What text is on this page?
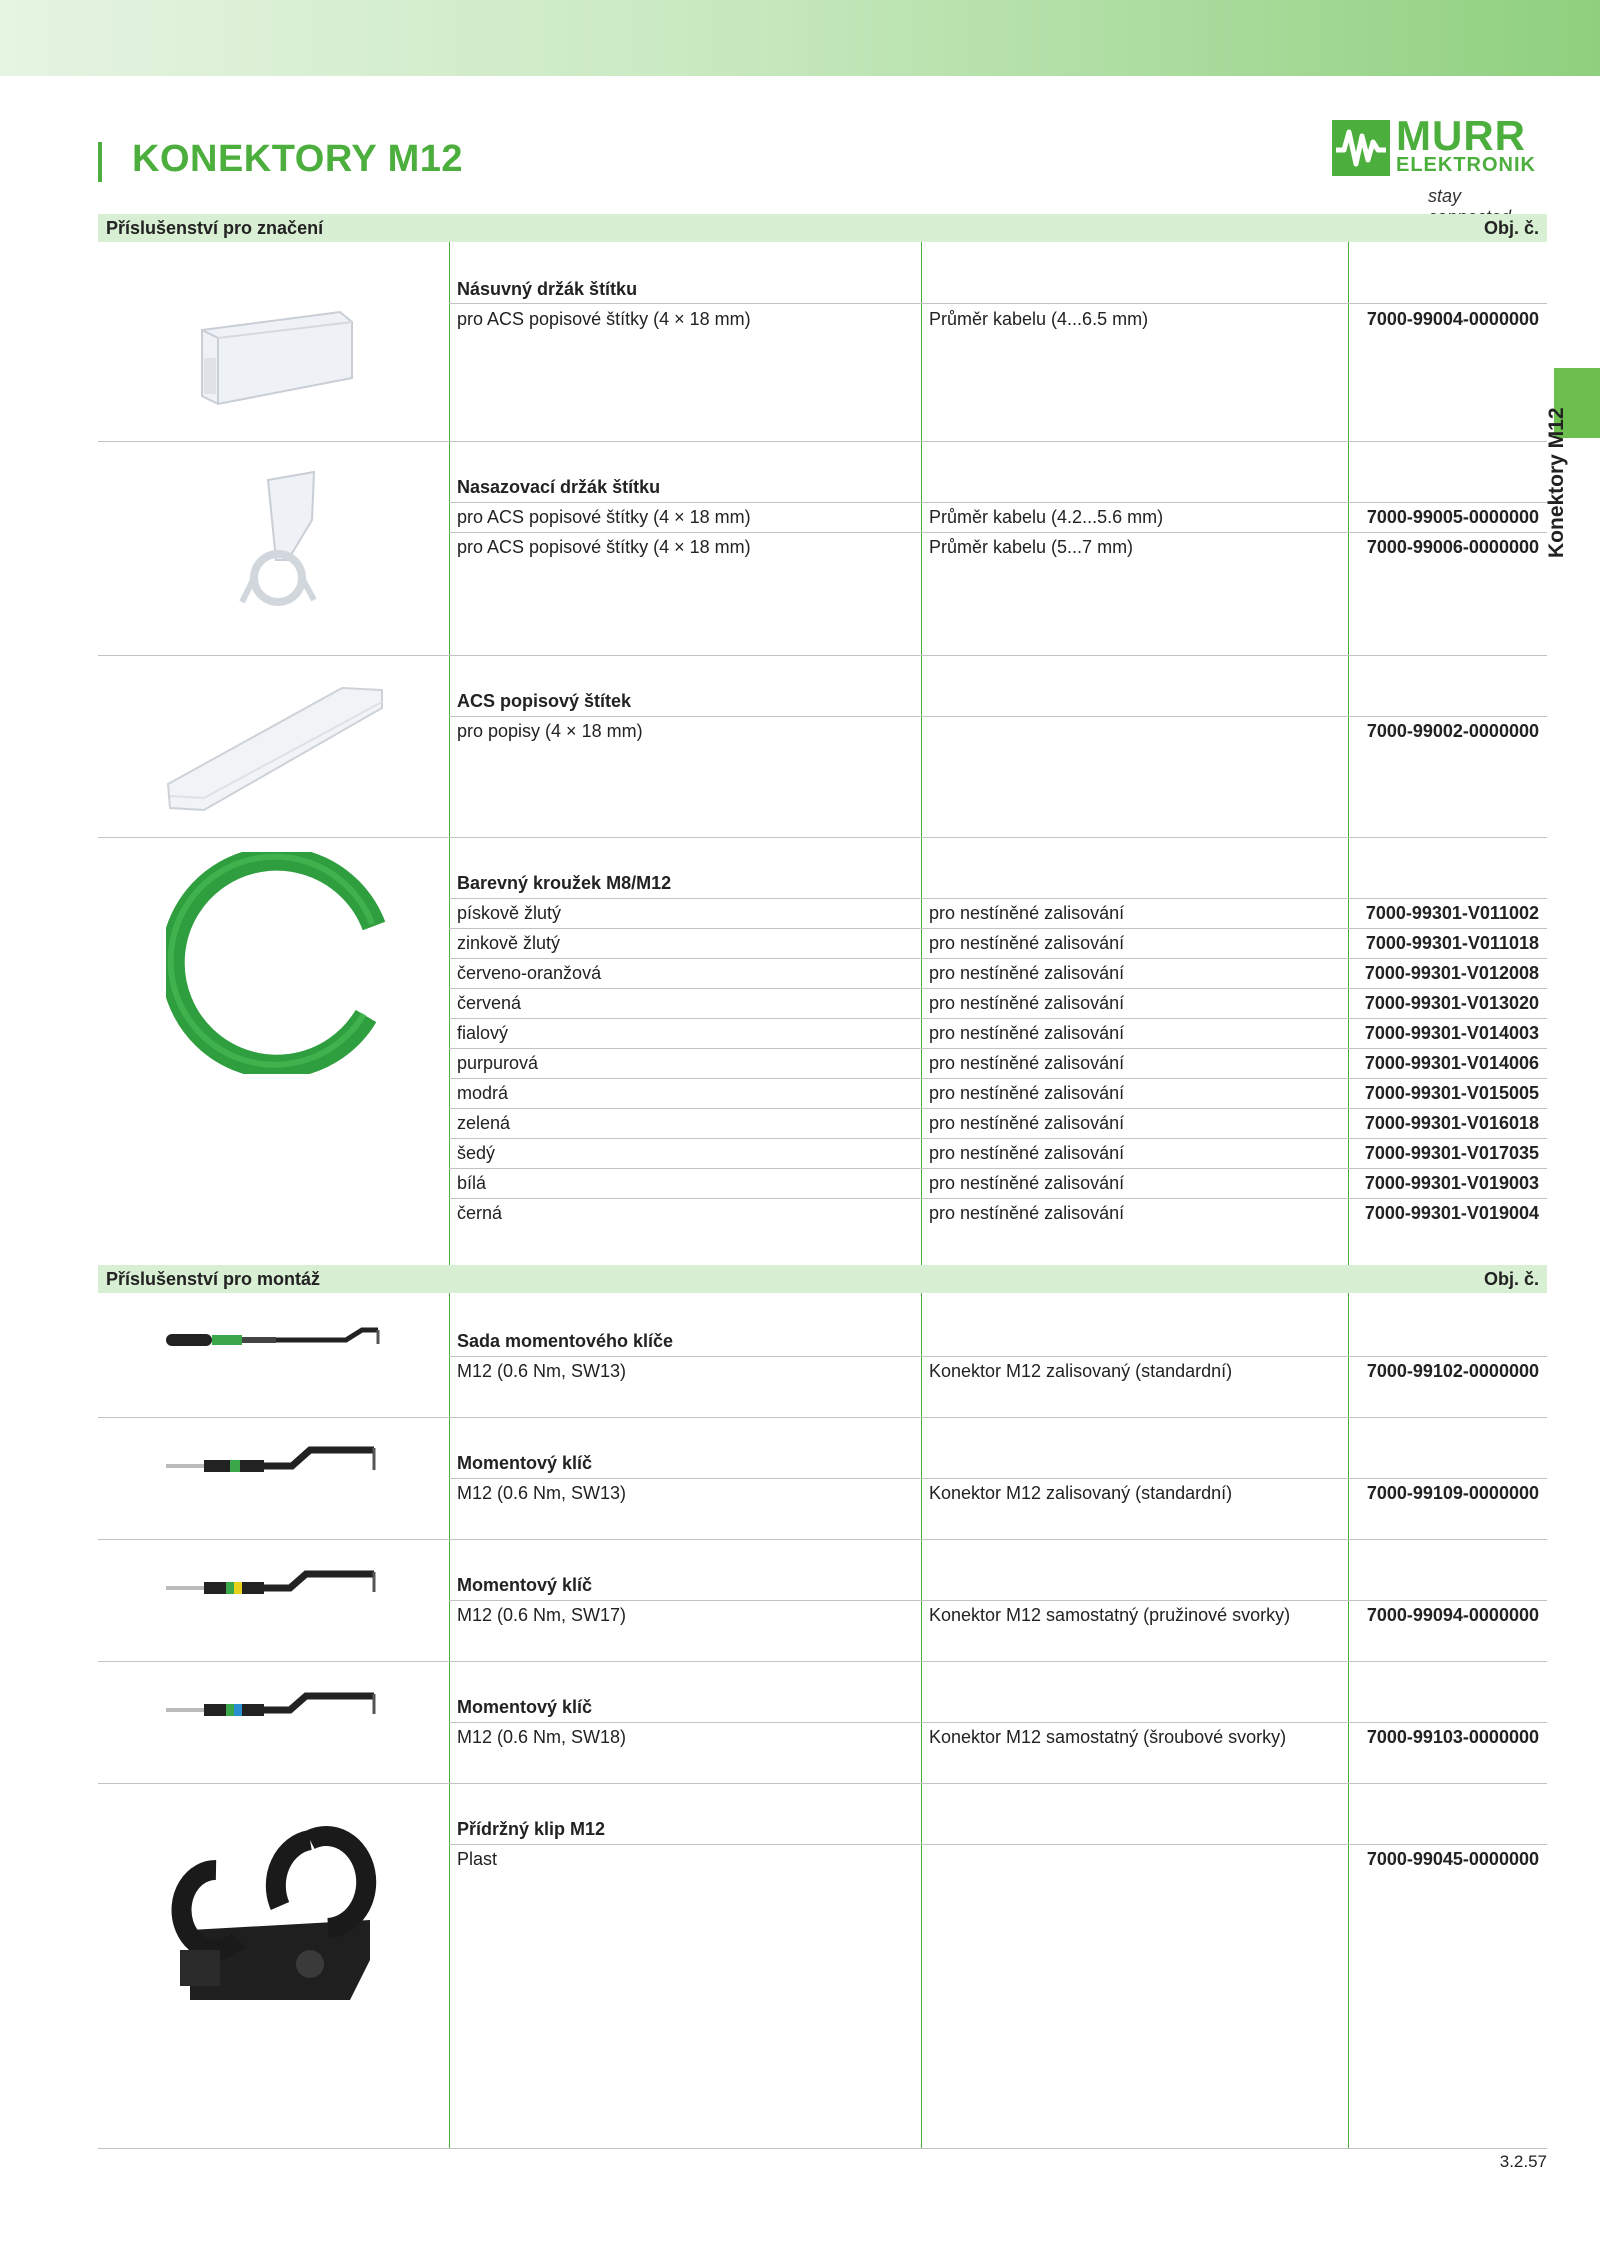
KONEKTORY M12	MURR
ELEKTRONIK
stay
Konektory M12
Příslušenství pro značení	Obj. č.
Násuvný držák štítku
pro ACS popisové štítky (4 × 18 mm)	Průměr kabelu (4...6.5 mm)	7000-99004-0000000
Nasazovací držák štítku
pro ACS popisové štítky (4 × 18 mm)	Průměr kabelu (4.2...5.6 mm)	7000-99005-0000000
pro ACS popisové štítky (4 × 18 mm)	Průměr kabelu (5...7 mm)	7000-99006-0000000
ACS popisový štítek
pro popisy (4 × 18 mm)	7000-99002-0000000
Barevný kroužek M8/M12
pískově žlutý	pro nestíněné zalisování	7000-99301-V011002
zinkově žlutý	pro nestíněné zalisování	7000-99301-V011018
červeno-oranžová	pro nestíněné zalisování	7000-99301-V012008
červená	pro nestíněné zalisování	7000-99301-V013020
fialový	pro nestíněné zalisování	7000-99301-V014003
purpurová	pro nestíněné zalisování	7000-99301-V014006
modrá	pro nestíněné zalisování	7000-99301-V015005
zelená	pro nestíněné zalisování	7000-99301-V016018
šedý	pro nestíněné zalisování	7000-99301-V017035
bílá	pro nestíněné zalisování	7000-99301-V019003
černá	pro nestíněné zalisování	7000-99301-V019004
Příslušenství pro montáž	Obj. č.
Sada momentového klíče
M12 (0.6 Nm, SW13)	Konektor M12 zalisovaný (standardní)	7000-99102-0000000
Momentový klíč
M12 (0.6 Nm, SW13)	Konektor M12 zalisovaný (standardní)	7000-99109-0000000
Momentový klíč
M12 (0.6 Nm, SW17)	Konektor M12 samostatný (pružinové svorky)	7000-99094-0000000
Momentový klíč
M12 (0.6 Nm, SW18)	Konektor M12 samostatný (šroubové svorky)	7000-99103-0000000
Přídržný klip M12
Plast	7000-99045-0000000
3.2.57
